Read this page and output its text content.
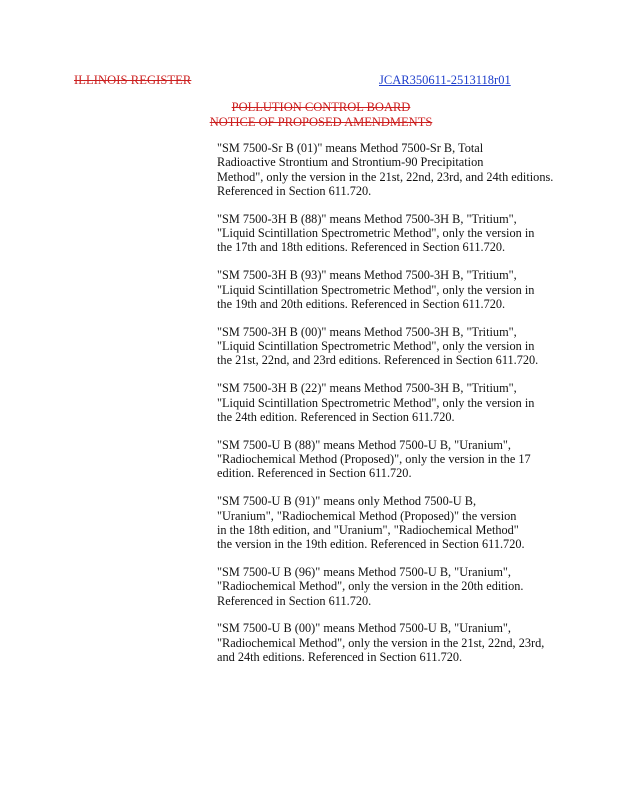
ILLINOIS REGISTER	JCAR350611-2513118r01
POLLUTION CONTROL BOARD
NOTICE OF PROPOSED AMENDMENTS

"SM 7500-Sr B (01)" means Method 7500-Sr B, Total

Radioactive Strontium and Strontium-90 Precipitation

Method", only the version in the 21st, 22nd, 23rd, and 24th editions.

Referenced in Section 611.720.

"SM 7500-3H B (88)" means Method 7500-3H B, "Tritium",

"Liquid Scintillation Spectrometric Method", only the version in

the 17th and 18th editions. Referenced in Section 611.720.

"SM 7500-3H B (93)" means Method 7500-3H B, "Tritium",

"Liquid Scintillation Spectrometric Method", only the version in

the 19th and 20th editions. Referenced in Section 611.720.

"SM 7500-3H B (00)" means Method 7500-3H B, "Tritium",

"Liquid Scintillation Spectrometric Method", only the version in

the 21st, 22nd, and 23rd editions. Referenced in Section 611.720.

"SM 7500-3H B (22)" means Method 7500-3H B, "Tritium",

"Liquid Scintillation Spectrometric Method", only the version in

the 24th edition. Referenced in Section 611.720.

"SM 7500-U B (88)" means Method 7500-U B, "Uranium",

"Radiochemical Method (Proposed)", only the version in the 17

edition. Referenced in Section 611.720.

"SM 7500-U B (91)" means only Method 7500-U B,

"Uranium", "Radiochemical Method (Proposed)" the version

in the 18th edition, and "Uranium", "Radiochemical Method"

the version in the 19th edition. Referenced in Section 611.720.

"SM 7500-U B (96)" means Method 7500-U B, "Uranium",

"Radiochemical Method", only the version in the 20th edition.

Referenced in Section 611.720.

"SM 7500-U B (00)" means Method 7500-U B, "Uranium",

"Radiochemical Method", only the version in the 21st, 22nd, 23rd,

and 24th editions. Referenced in Section 611.720.
